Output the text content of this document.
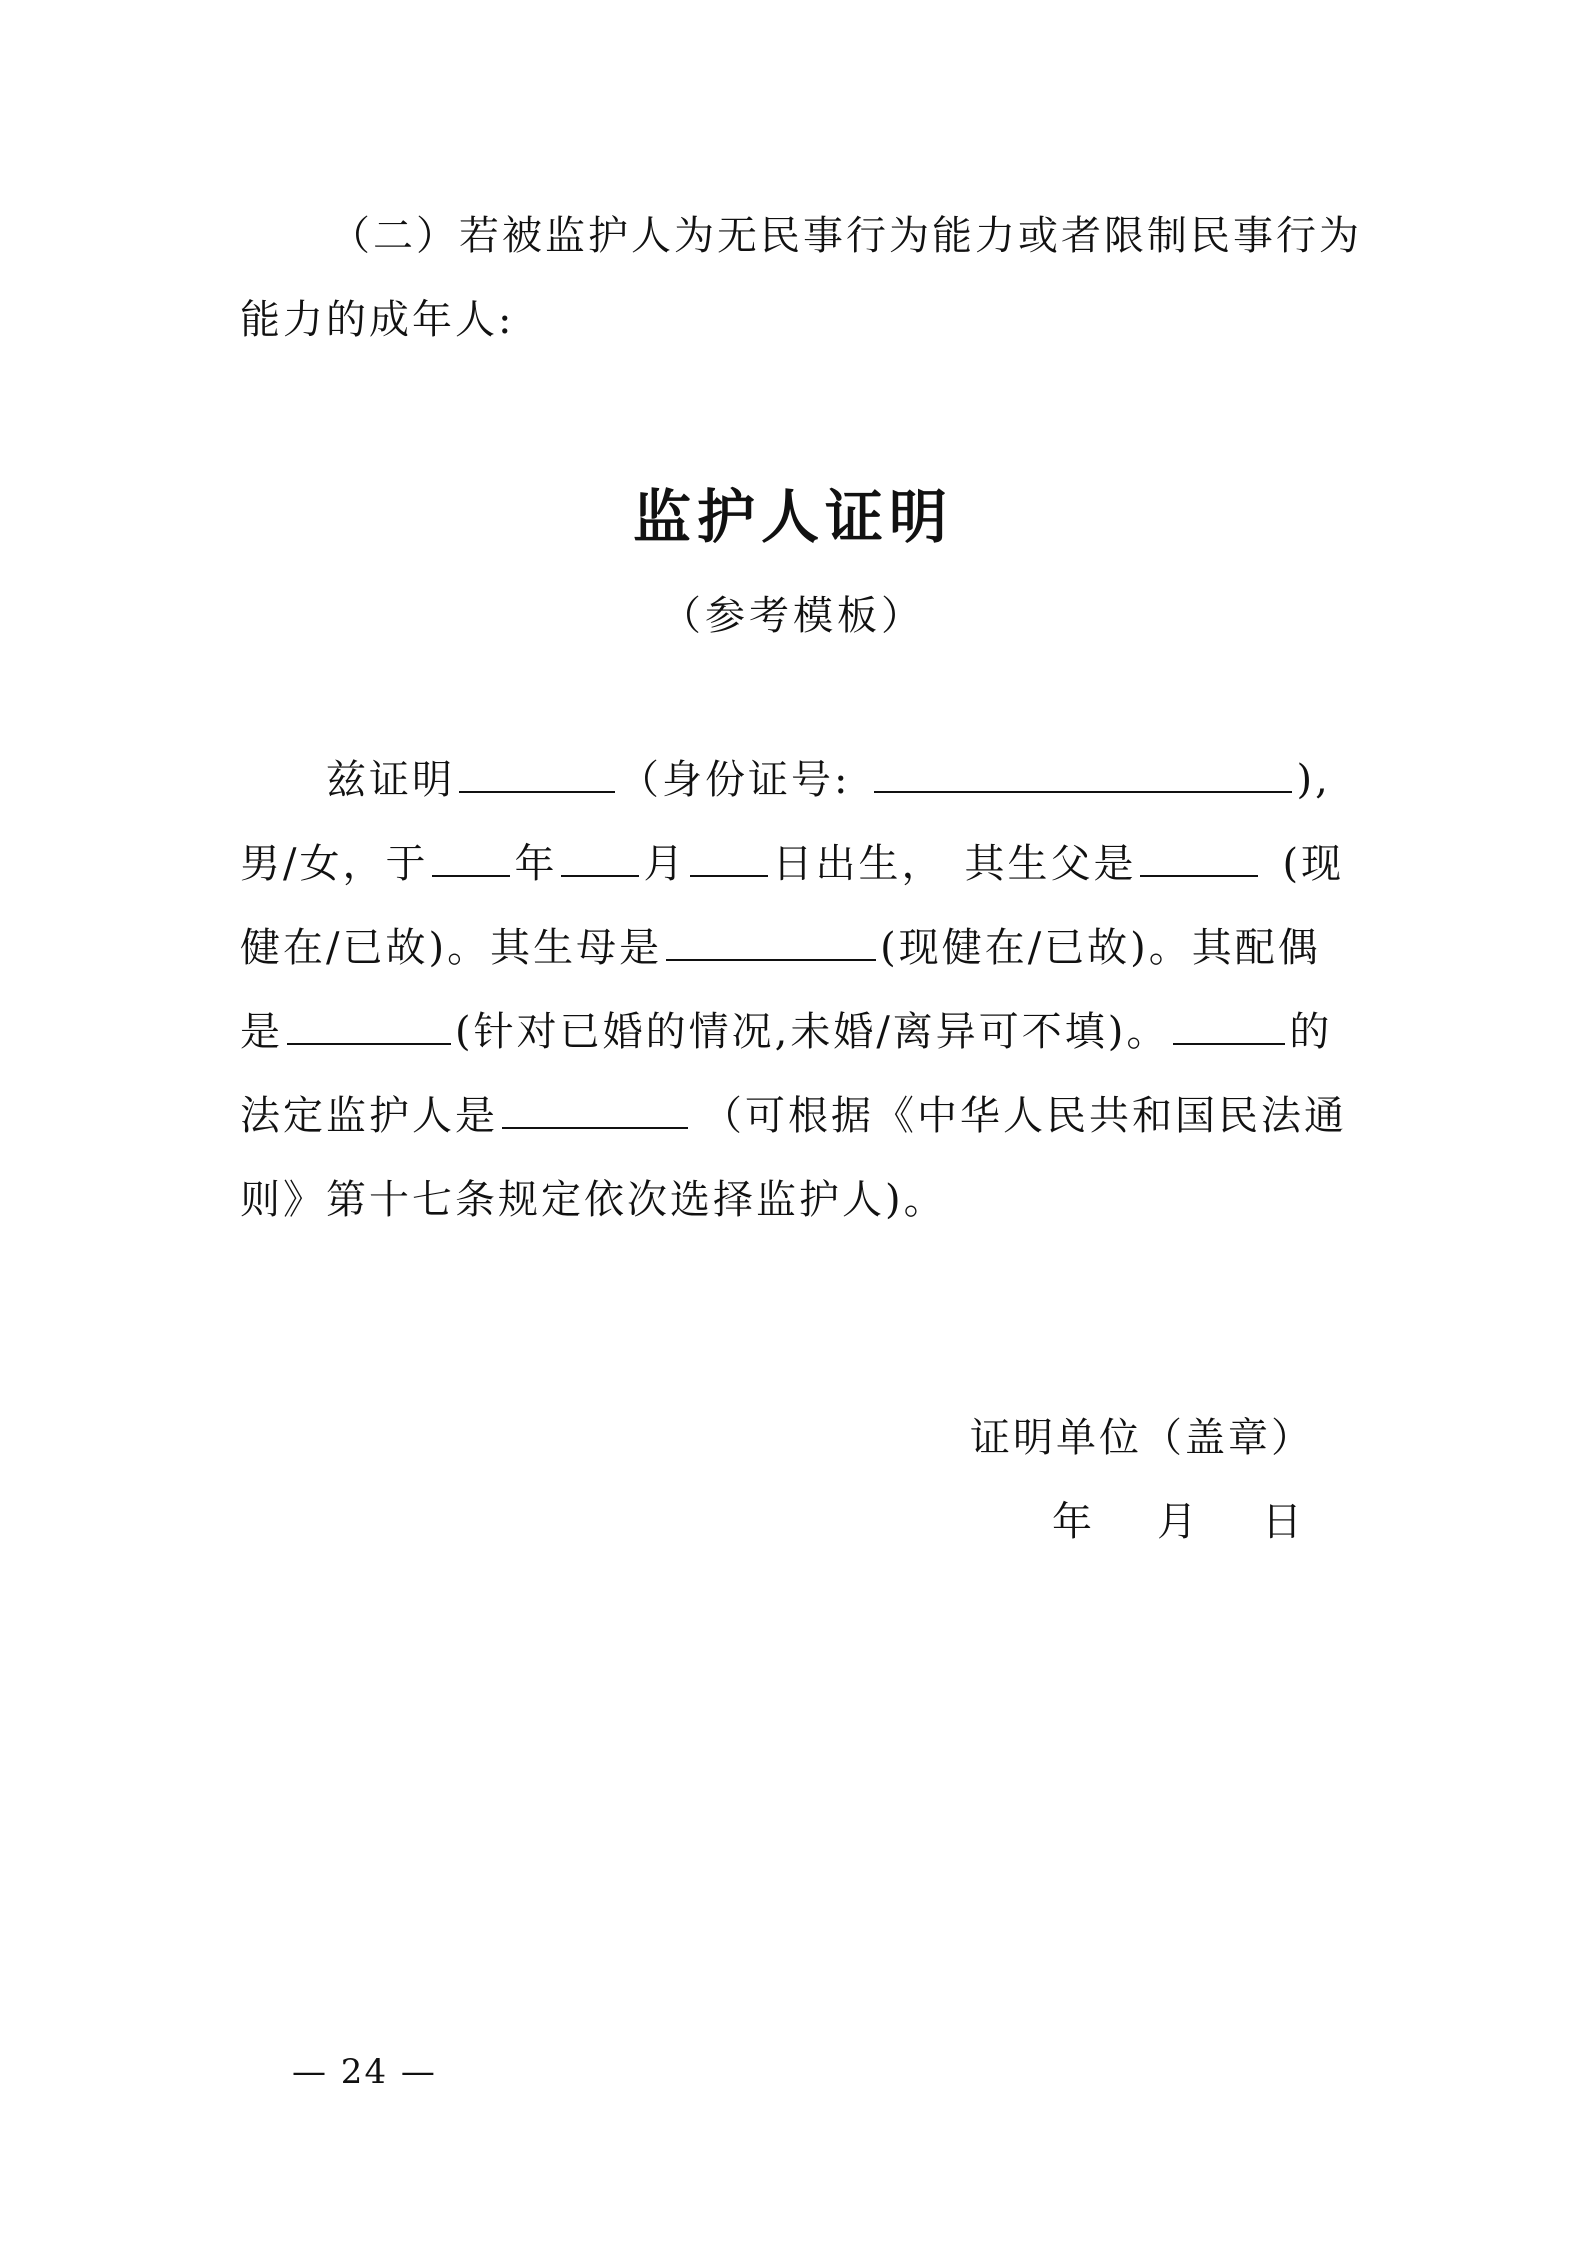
（二）若被监护人为无民事行为能力或者限制民事行为
能力的成年人:
监护人证明
（参考模板）
兹证明	（身份证号:	),
男/女，于 年 月 日出生， 其生父是	(现
健在/已故)。其生母是	(现健在/已故)。其配偶
是	(针对已婚的情况,未婚/离异可不填)。	的
法定监护人是	（可根据《中华人民共和国民法通
则》第十七条规定依次选择监护人)。
证明单位（盖章）
年 月 日
— 24 —
